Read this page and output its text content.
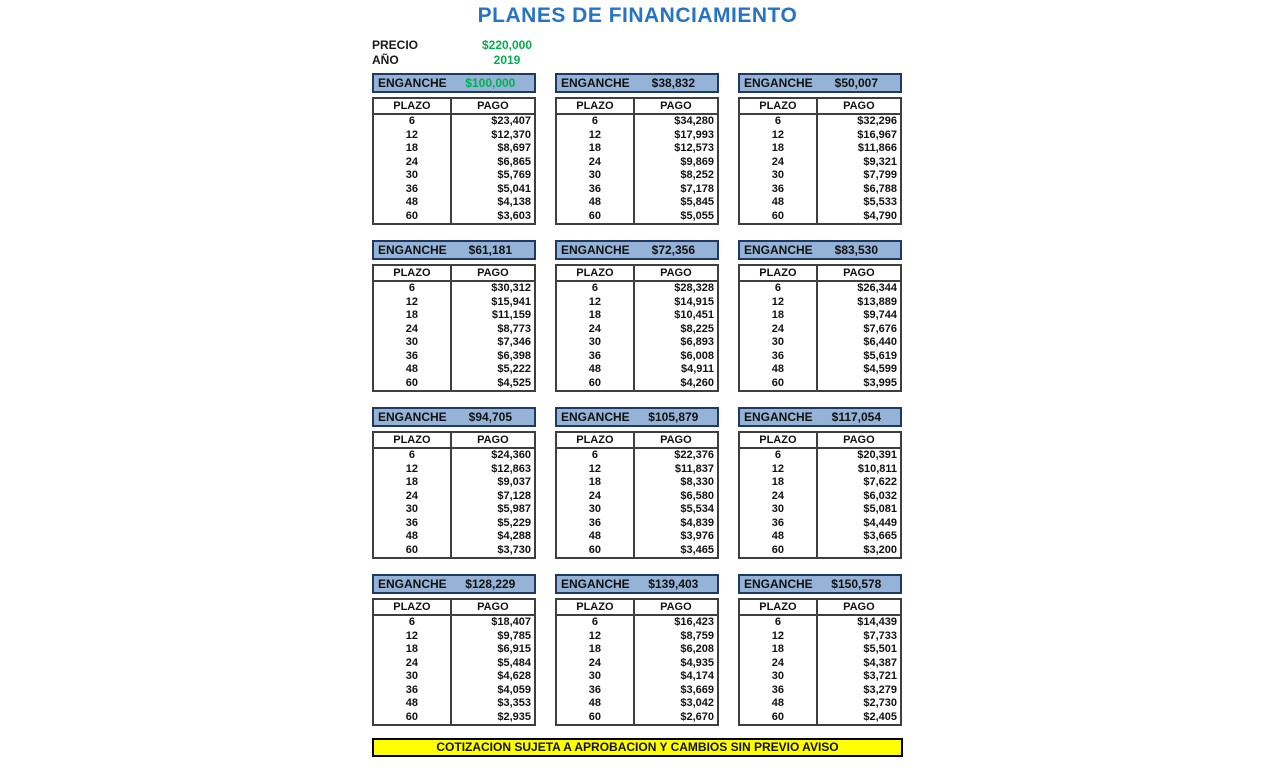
PLANES DE FINANCIAMIENTO
PRECIO	$220,000
AÑO	2019
ENGANCHE	$100,000
PLAZO	PAGO
6	$23,407
12	$12,370
18	$8,697
24	$6,865
30	$5,769
36	$5,041
48	$4,138
60	$3,603
ENGANCHE	$38,832
PLAZO	PAGO
6	$34,280
12	$17,993
18	$12,573
24	$9,869
30	$8,252
36	$7,178
48	$5,845
60	$5,055
ENGANCHE	$50,007
PLAZO	PAGO
6	$32,296
12	$16,967
18	$11,866
24	$9,321
30	$7,799
36	$6,788
48	$5,533
60	$4,790
ENGANCHE	$61,181
PLAZO	PAGO
6	$30,312
12	$15,941
18	$11,159
24	$8,773
30	$7,346
36	$6,398
48	$5,222
60	$4,525
ENGANCHE	$72,356
PLAZO	PAGO
6	$28,328
12	$14,915
18	$10,451
24	$8,225
30	$6,893
36	$6,008
48	$4,911
60	$4,260
ENGANCHE	$83,530
PLAZO	PAGO
6	$26,344
12	$13,889
18	$9,744
24	$7,676
30	$6,440
36	$5,619
48	$4,599
60	$3,995
ENGANCHE	$94,705
PLAZO	PAGO
6	$24,360
12	$12,863
18	$9,037
24	$7,128
30	$5,987
36	$5,229
48	$4,288
60	$3,730
ENGANCHE	$105,879
PLAZO	PAGO
6	$22,376
12	$11,837
18	$8,330
24	$6,580
30	$5,534
36	$4,839
48	$3,976
60	$3,465
ENGANCHE	$117,054
PLAZO	PAGO
6	$20,391
12	$10,811
18	$7,622
24	$6,032
30	$5,081
36	$4,449
48	$3,665
60	$3,200
ENGANCHE	$128,229
PLAZO	PAGO
6	$18,407
12	$9,785
18	$6,915
24	$5,484
30	$4,628
36	$4,059
48	$3,353
60	$2,935
ENGANCHE	$139,403
PLAZO	PAGO
6	$16,423
12	$8,759
18	$6,208
24	$4,935
30	$4,174
36	$3,669
48	$3,042
60	$2,670
ENGANCHE	$150,578
PLAZO	PAGO
6	$14,439
12	$7,733
18	$5,501
24	$4,387
30	$3,721
36	$3,279
48	$2,730
60	$2,405
COTIZACION SUJETA A APROBACION Y CAMBIOS SIN PREVIO AVISO
